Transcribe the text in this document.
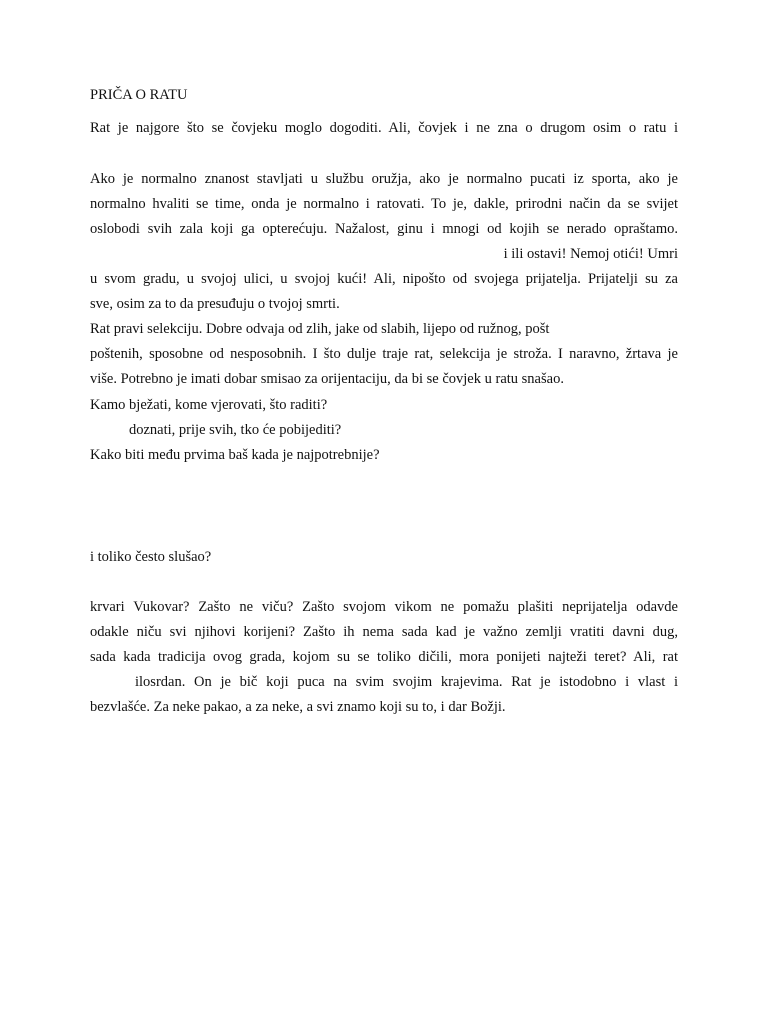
PRIČA O RATU
Rat je najgore što se čovjeku moglo dogoditi. Ali, čovjek i ne zna o drugom osim o ratu i
Ako je normalno znanost stavljati u službu oružja, ako je normalno pucati iz sporta, ako je
normalno hvaliti se time, onda je normalno i ratovati. To je, dakle, prirodni način da se svijet
oslobodi svih zala koji ga opterećuju. Nažalost, ginu i mnogi od kojih se nerado opraštamo.
i ili ostavi! Nemoj otići! Umri
u svom gradu, u svojoj ulici, u svojoj kući! Ali, nipošto od svojega prijatelja. Prijatelji su za
sve, osim za to da presuđuju o tvojoj smrti.
Rat pravi selekciju. Dobre odvaja od zlih, jake od slabih, lijepo od ružnog, pošt
poštenih, sposobne od nesposobnih. I što dulje traje rat, selekcija je stroža. I naravno, žrtava je
više. Potrebno je imati dobar smisao za orijentaciju, da bi se čovjek u ratu snašao.
Kamo bježati, kome vjerovati, što raditi?
doznati, prije svih, tko će pobijediti?
Kako biti među prvima baš kada je najpotrebnije?
i toliko često slušao?
krvari Vukovar? Zašto ne viču? Zašto svojom vikom ne pomažu plašiti neprijatelja odavde
odakle niču svi njihovi korijeni? Zašto ih nema sada kad je važno zemlji vratiti davni dug,
sada kada tradicija ovog grada, kojom su se toliko dičili, mora ponijeti najteži teret? Ali, rat
ilosrdan. On je bič koji puca na svim svojim krajevima. Rat je istodobno i vlast i
bezvlašće. Za neke pakao, a za neke, a svi znamo koji su to, i dar Božji.
